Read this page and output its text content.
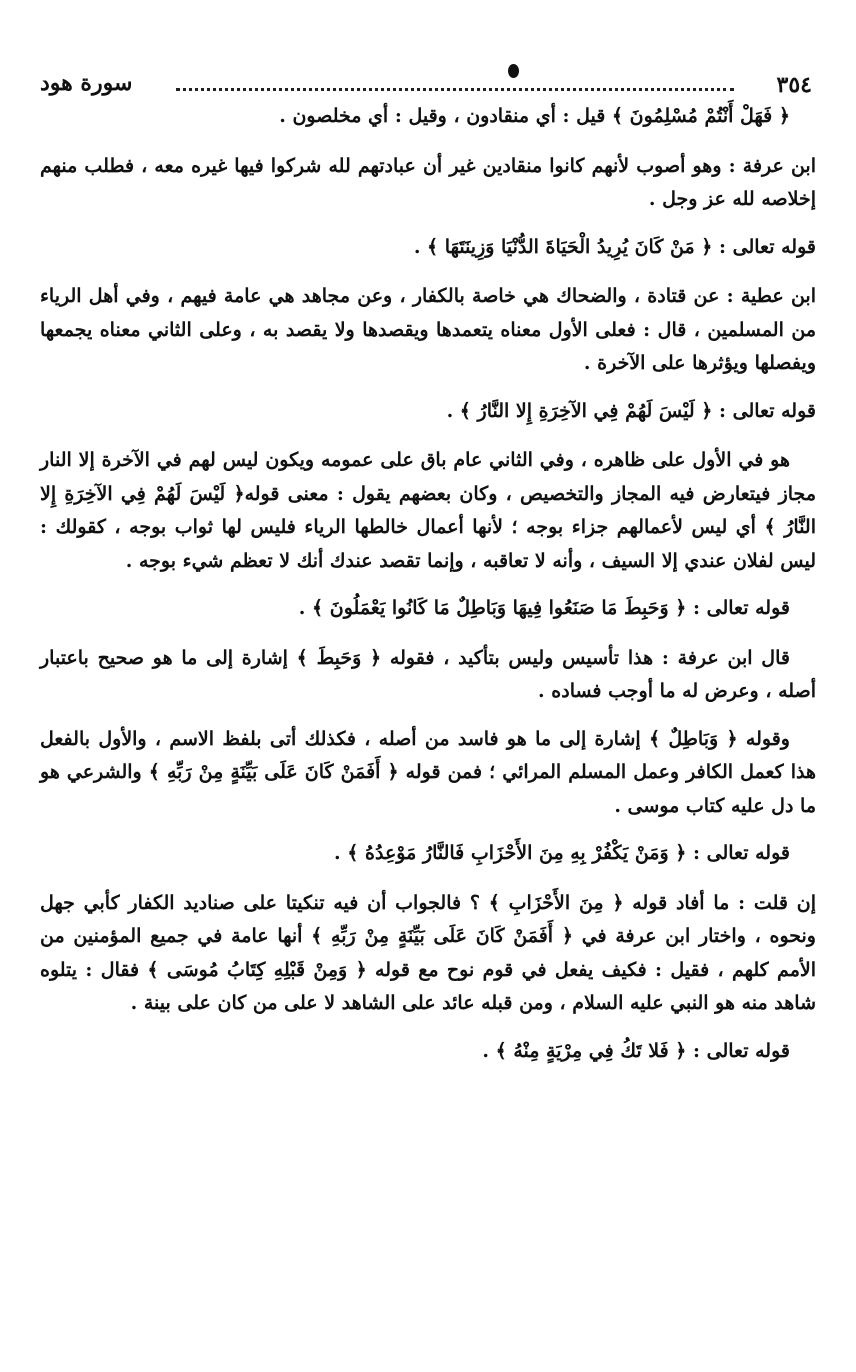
٣٥٤
سورة هود

﴿ فَهَلْ أَنْتُمْ مُسْلِمُونَ ﴾ قيل : أي منقادون ، وقيل : أي مخلصون .

ابن عرفة : وهو أصوب لأنهم كانوا منقادين غير أن عبادتهم لله شركوا فيها غيره معه ، فطلب منهم إخلاصه لله عز وجل .

قوله تعالى : ﴿ مَنْ كَانَ يُرِيدُ الْحَيَاةَ الدُّنْيَا وَزِينَتَهَا ﴾ .

ابن عطية : عن قتادة ، والضحاك هي خاصة بالكفار ، وعن مجاهد هي عامة فيهم ، وفي أهل الرياء من المسلمين ، قال : فعلى الأول معناه يتعمدها ويقصدها ولا يقصد به ، وعلى الثاني معناه يجمعها ويفصلها ويؤثرها على الآخرة .

قوله تعالى : ﴿ لَيْسَ لَهُمْ فِي الآخِرَةِ إِلا النَّارُ ﴾ .

هو في الأول على ظاهره ، وفي الثاني عام باق على عمومه ويكون ليس لهم في الآخرة إلا النار مجاز فيتعارض فيه المجاز والتخصيص ، وكان بعضهم يقول : معنى قوله﴿ لَيْسَ لَهُمْ فِي الآخِرَةِ إِلا النَّارُ ﴾ أي ليس لأعمالهم جزاء بوجه ؛ لأنها أعمال خالطها الرياء فليس لها ثواب بوجه ، كقولك : ليس لفلان عندي إلا السيف ، وأنه لا تعاقبه ، وإنما تقصد عندك أنك لا تعظم شيء بوجه .

قوله تعالى : ﴿ وَحَبِطَ مَا صَنَعُوا فِيهَا وَبَاطِلٌ مَا كَانُوا يَعْمَلُونَ ﴾ .

قال ابن عرفة : هذا تأسيس وليس بتأكيد ، فقوله ﴿ وَحَبِطَ ﴾ إشارة إلى ما هو صحيح باعتبار أصله ، وعرض له ما أوجب فساده .

وقوله ﴿ وَبَاطِلٌ ﴾ إشارة إلى ما هو فاسد من أصله ، فكذلك أتى بلفظ الاسم ، والأول بالفعل هذا كعمل الكافر وعمل المسلم المرائي ؛ فمن قوله ﴿ أَفَمَنْ كَانَ عَلَى بَيِّنَةٍ مِنْ رَبِّهِ ﴾ والشرعي هو ما دل عليه كتاب موسى .

قوله تعالى : ﴿ وَمَنْ يَكْفُرْ بِهِ مِنَ الأَحْزَابِ فَالنَّارُ مَوْعِدُهُ ﴾ .

إن قلت : ما أفاد قوله ﴿ مِنَ الأَحْزَابِ ﴾ ؟ فالجواب أن فيه تنكيتا على صناديد الكفار كأبي جهل ونحوه ، واختار ابن عرفة في ﴿ أَفَمَنْ كَانَ عَلَى بَيِّنَةٍ مِنْ رَبِّهِ ﴾ أنها عامة في جميع المؤمنين من الأمم كلهم ، فقيل : فكيف يفعل في قوم نوح مع قوله ﴿ وَمِنْ قَبْلِهِ كِتَابُ مُوسَى ﴾ فقال : يتلوه شاهد منه هو النبي عليه السلام ، ومن قبله عائد على الشاهد لا على من كان على بينة .

قوله تعالى : ﴿ فَلا تَكُ فِي مِرْيَةٍ مِنْهُ ﴾ .
